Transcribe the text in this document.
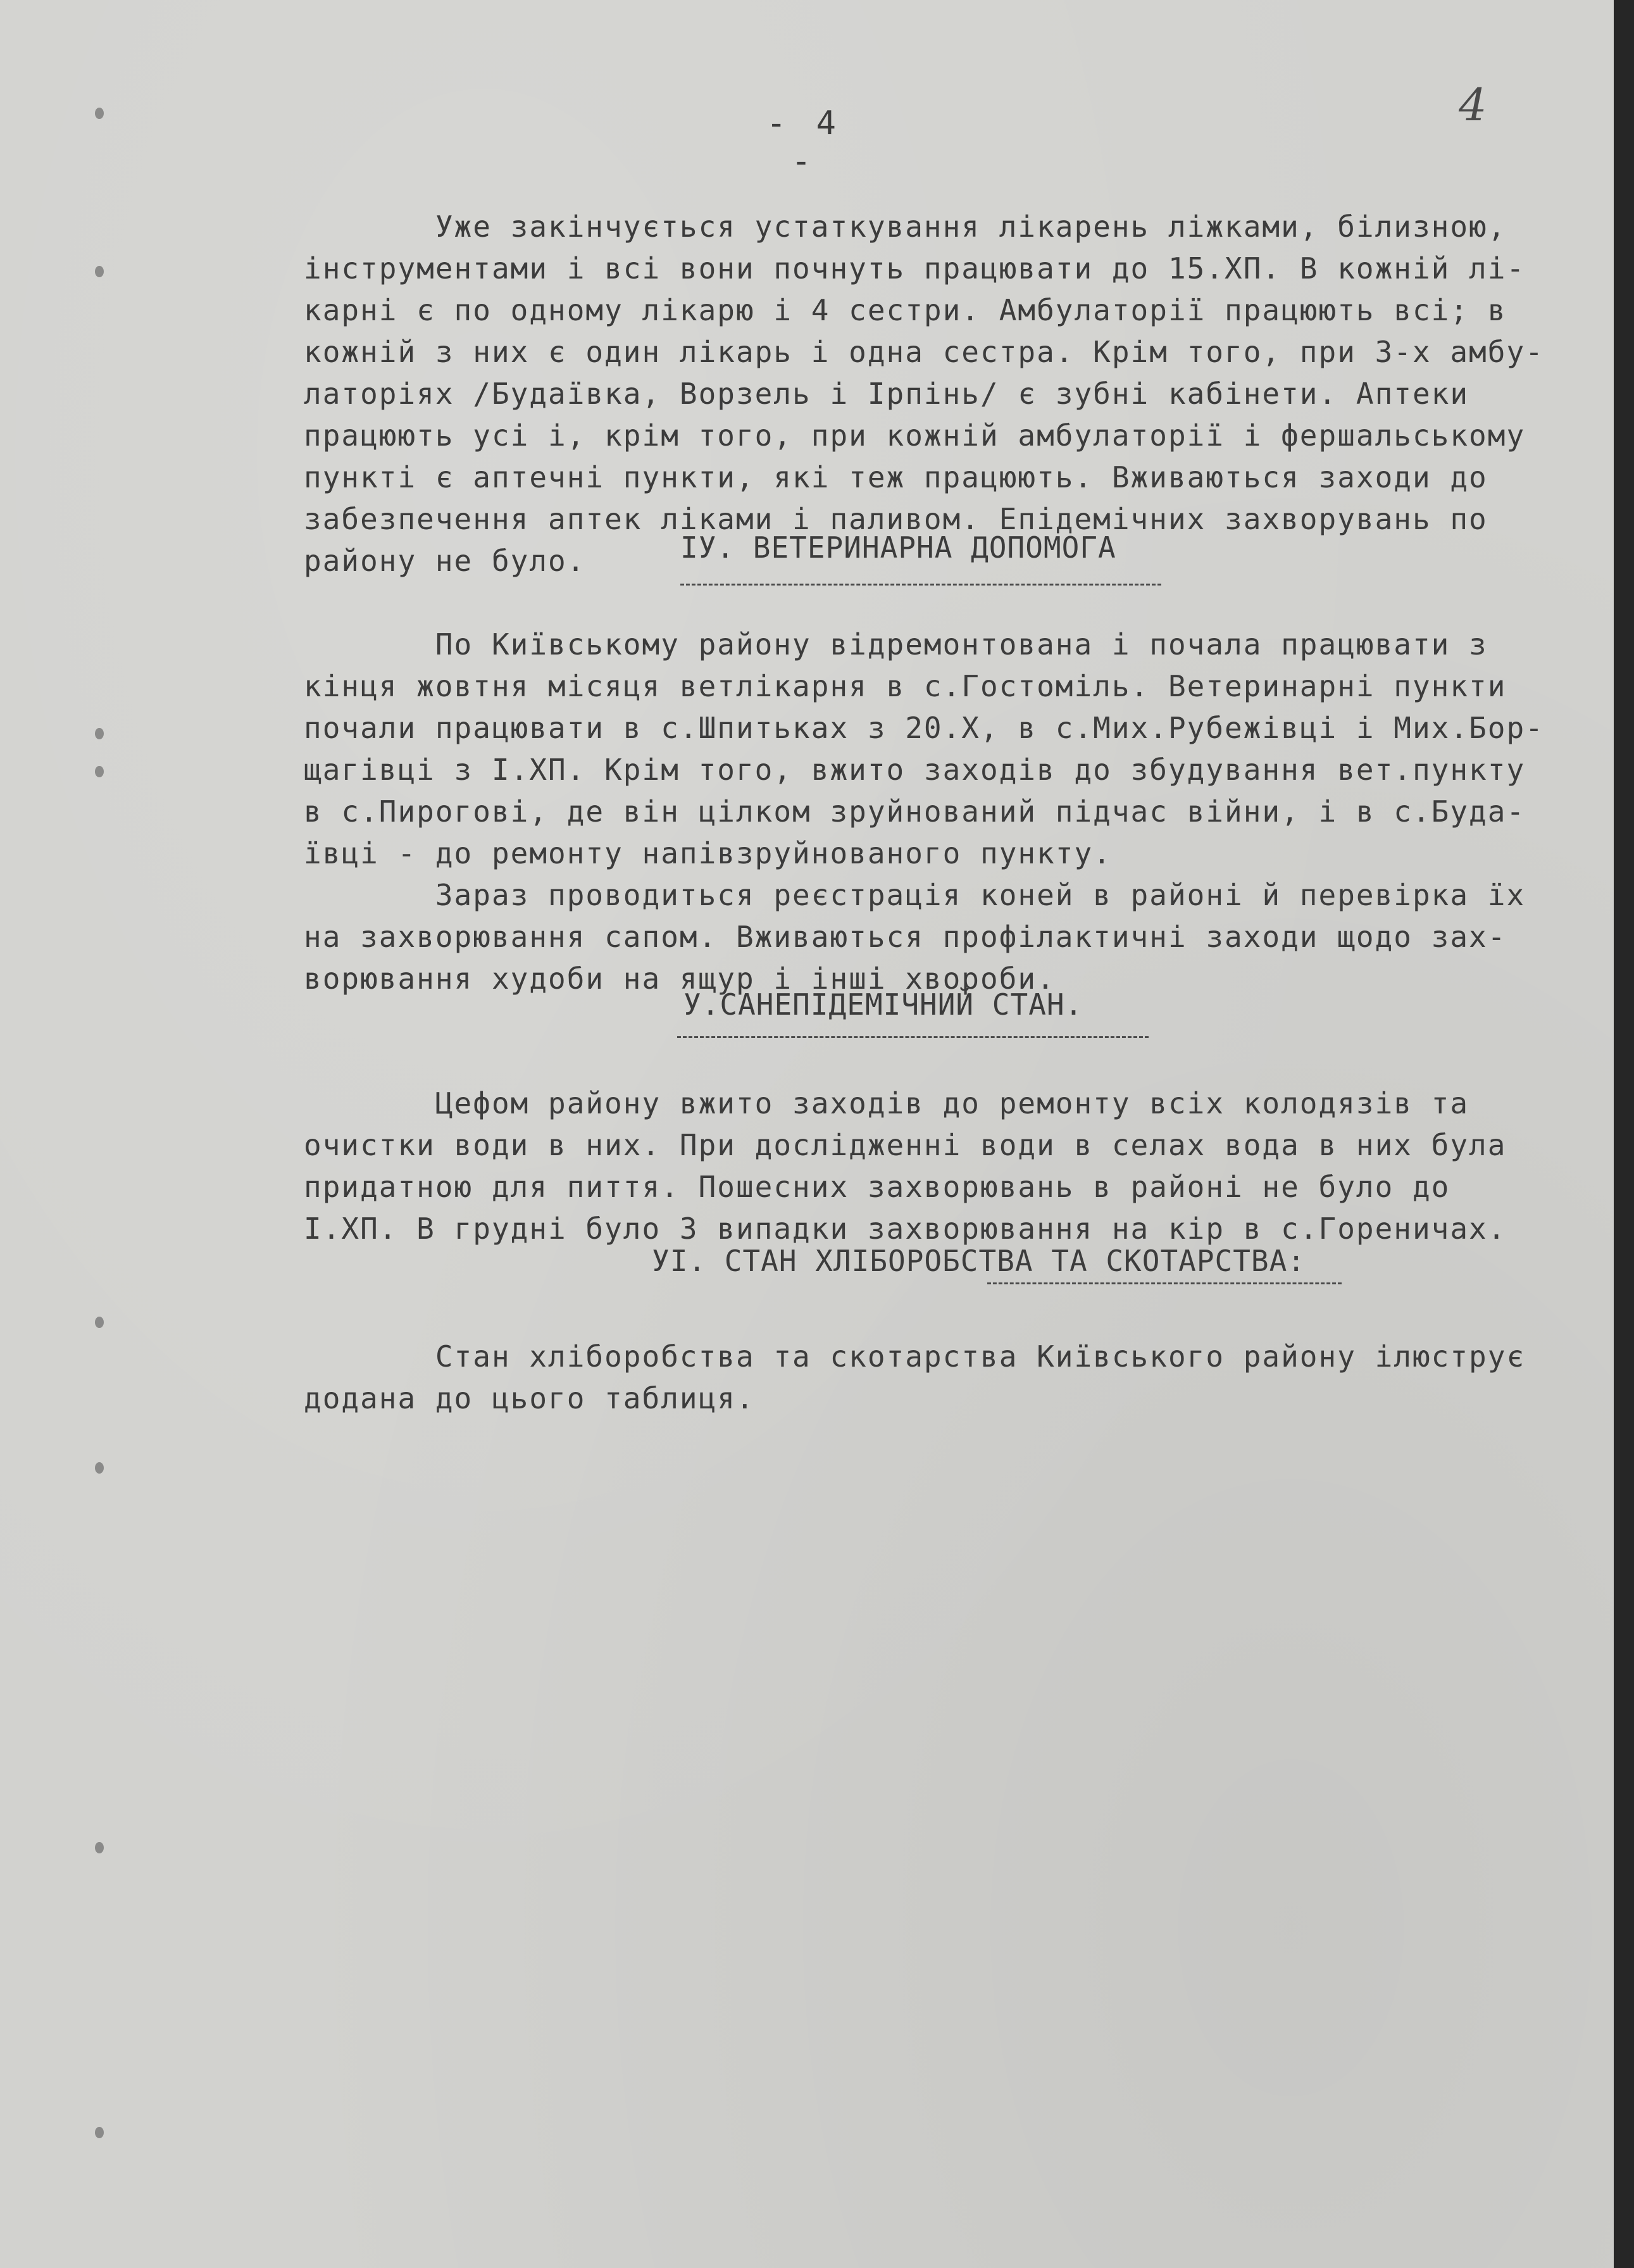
- 4 -
4

Уже закінчується устаткування лікарень ліжками, білизною,
інструментами і всі вони почнуть працювати до 15.ХП. В кожній лі-
карні є по одному лікарю і 4 сестри. Амбулаторії працюють всі; в
кожній з них є один лікарь і одна сестра. Крім того, при 3-х амбу-
латоріях /Будаївка, Ворзель і Ірпінь/ є зубні кабінети. Аптеки
працюють усі і, крім того, при кожній амбулаторії і фершальському
пункті є аптечні пункти, які теж працюють. Вживаються заходи до
забезпечення аптек ліками і паливом. Епідемічних захворувань по
району не було.	ІУ. ВЕТЕРИНАРНА ДОПОМОГА

По Київському району відремонтована і почала працювати з
кінця жовтня місяця ветлікарня в с.Гостоміль. Ветеринарні пункти
почали працювати в с.Шпитьках з 20.Х, в с.Мих.Рубежівці і Мих.Бор-
щагівці з І.ХП. Крім того, вжито заходів до збудування вет.пункту
в с.Пирогові, де він цілком зруйнований підчас війни, і в с.Буда-
ївці - до ремонту напівзруйнованого пункту.

Зараз проводиться реєстрація коней в районі й перевірка їх
на захворювання сапом. Вживаються профілактичні заходи щодо зах-
ворювання худоби на ящур і інші хвороби.

У.САНЕПІДЕМІЧНИЙ СТАН.

Цефом району вжито заходів до ремонту всіх колодязів та
очистки води в них. При дослідженні води в селах вода в них була
придатною для пиття. Пошесних захворювань в районі не було до
І.ХП. В грудні було 3 випадки захворювання на кір в с.Гореничах.

УІ. СТАН ХЛІБОРОБСТВА ТА СКОТАРСТВА:

Стан хліборобства та скотарства Київського району ілюструє
додана до цього таблиця.
